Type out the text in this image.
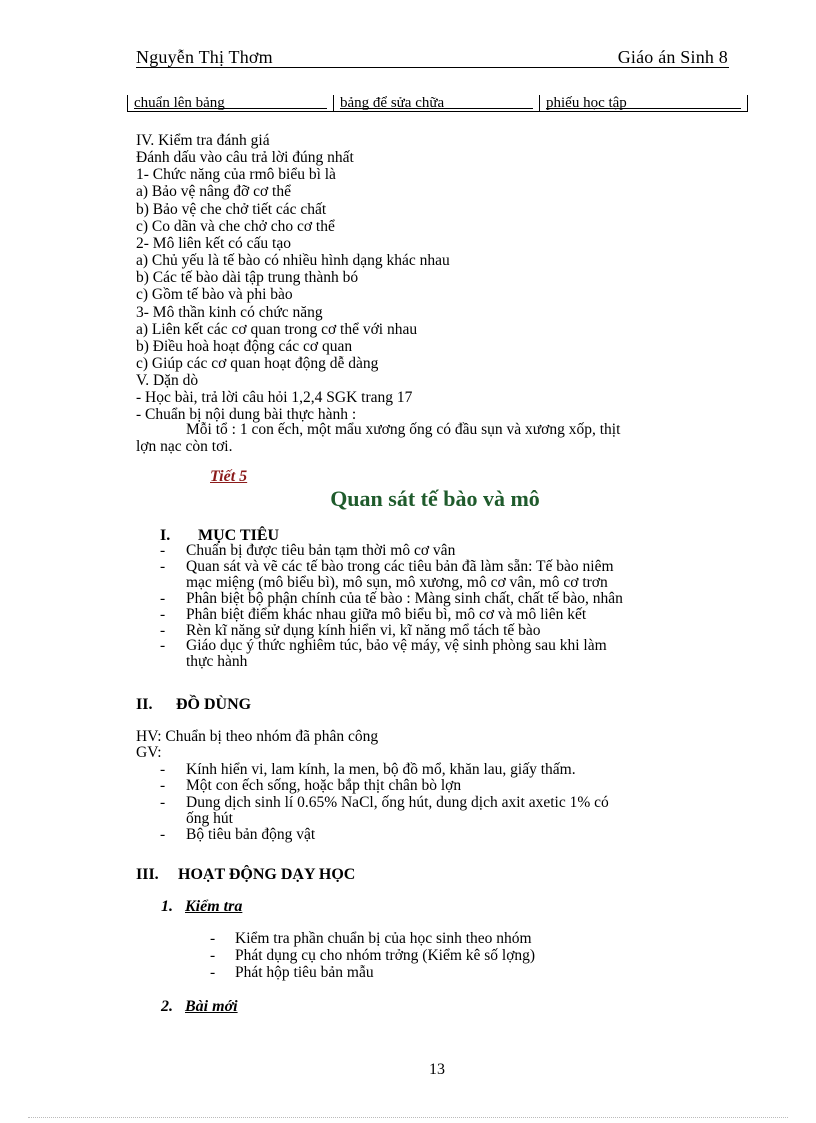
Nguyễn Thị Thơm	Giáo án Sinh 8
chuẩn lên bảng	bảng để sửa chữa	phiếu học tập
IV. Kiểm tra đánh giá
Đánh dấu vào câu trả lời đúng nhất
1- Chức năng của rmô biểu bì là
a) Bảo vệ nâng đỡ cơ thể
b) Bảo vệ che chở tiết các chất
c) Co dãn và che chở cho cơ thể
2- Mô liên kết có cấu tạo
a) Chủ yếu là tế bào có nhiều hình dạng khác nhau
b) Các tế bào dài tập trung thành bó
c) Gồm tế bào và phi bào
3- Mô thần kinh có chức năng
a) Liên kết các cơ quan trong cơ thể với nhau
b) Điều hoà hoạt động các cơ quan
c) Giúp các cơ quan hoạt động dễ dàng
V. Dặn dò
- Học bài, trả lời câu hỏi 1,2,4 SGK trang 17
- Chuẩn bị nội dung bài thực hành :
Mỗi tổ : 1 con ếch, một mẩu xương ống có đầu sụn và xương xốp, thịt
lợn nạc còn tơi.
Tiết 5
Quan sát tế bào và mô
I. MỤC TIÊU
- Chuẩn bị được tiêu bản tạm thời mô cơ vân
- Quan sát và vẽ các tế bào trong các tiêu bản đã làm sẵn: Tế bào niêm
mạc miệng (mô biểu bì), mô sụn, mô xương, mô cơ vân, mô cơ trơn
- Phân biệt bộ phận chính của tế bào : Màng sinh chất, chất tế bào, nhân
- Phân biệt điểm khác nhau giữa mô biểu bì, mô cơ và mô liên kết
- Rèn kĩ năng sử dụng kính hiển vi, kĩ năng mổ tách tế bào
- Giáo dục ý thức nghiêm túc, bảo vệ máy, vệ sinh phòng sau khi làm
thực hành
II. ĐỒ DÙNG
HV: Chuẩn bị theo nhóm đã phân công
GV:
- Kính hiển vi, lam kính, la men, bộ đồ mổ, khăn lau, giấy thấm.
- Một con ếch sống, hoặc bắp thịt chân bò lợn
- Dung dịch sinh lí 0.65% NaCl, ống hút, dung dịch axit axetic 1% có
ống hút
- Bộ tiêu bản động vật
III. HOẠT ĐỘNG DẠY HỌC
1. Kiểm tra
- Kiểm tra phần chuẩn bị của học sinh theo nhóm
- Phát dụng cụ cho nhóm trởng (Kiểm kê số lợng)
- Phát hộp tiêu bản mẫu
2. Bài mới
13
